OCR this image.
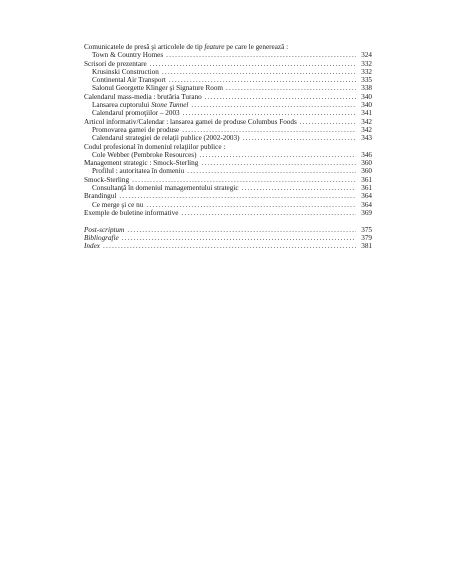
Comunicatele de presă şi articolele de tip feature pe care le generează :
Town & Country Homes .....	324
Scrisori de prezentare .....	332
Krusinski Construction .....	332
Continental Air Transport .....	335
Salonul Georgette Klinger şi Signature Room .....	338
Calendarul mass-media : brutăria Turano .....	340
Lansarea cuptorului Stone Tunnel .....	340
Calendarul promoţiilor – 2003 .....	341
Articol informativ/Calendar : lansarea gamei de produse Columbus Foods .....	342
Promovarea gamei de produse .....	342
Calendarul strategiei de relaţii publice (2002-2003) .....	343
Codul profesional în domeniul relaţiilor publice :
Cole Webber (Pembroke Resources) .....	346
Management strategic : Smock-Sterling .....	360
Profilul : autoritatea în domeniu .....	360
Smock-Sterling .....	361
Consultanţă în domeniul managementului strategic .....	361
Brandingul .....	364
Ce merge şi ce nu .....	364
Exemple de buletine informative .....	369
Post-scriptum .....	375
Bibliografie .....	379
Index .....	381
